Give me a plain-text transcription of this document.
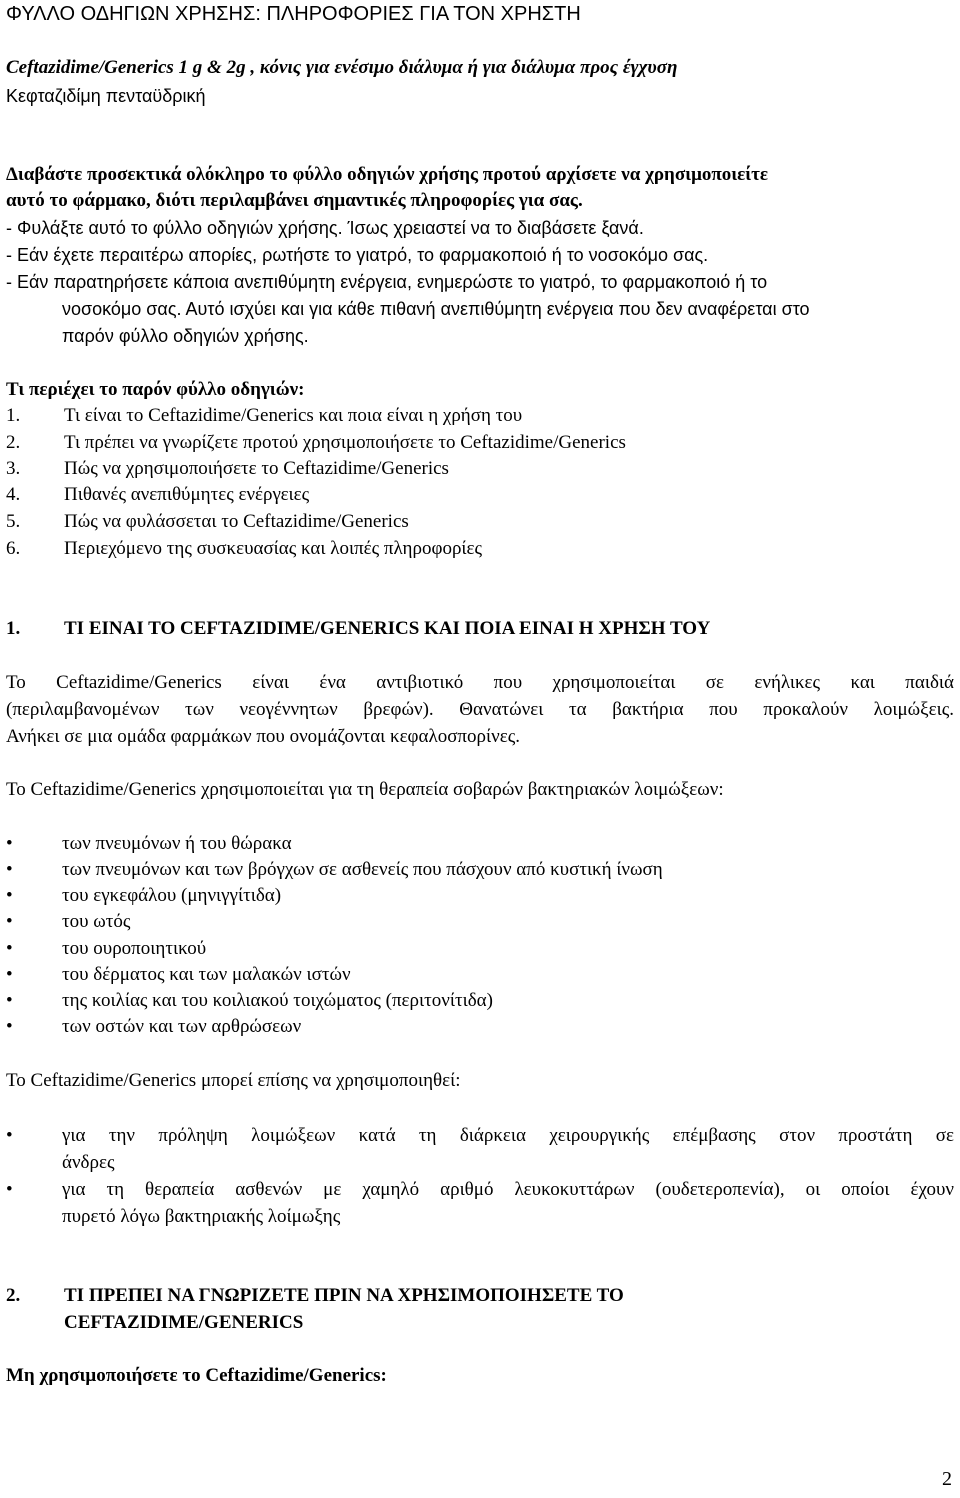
ΦΥΛΛΟ ΟΔΗΓΙΩΝ ΧΡΗΣΗΣ: ΠΛΗΡΟΦΟΡΙΕΣ ΓΙΑ ΤΟΝ ΧΡΗΣΤΗ
Ceftazidime/Generics 1 g & 2g , κόνις για ενέσιμο διάλυμα ή για διάλυμα προς έγχυση
Κεφταζιδίμη πενταϋδρική
Διαβάστε προσεκτικά ολόκληρο το φύλλο οδηγιών χρήσης προτού αρχίσετε να χρησιμοποιείτε
αυτό το φάρμακο, διότι περιλαμβάνει σημαντικές πληροφορίες για σας.
- Φυλάξτε αυτό το φύλλο οδηγιών χρήσης. Ίσως χρειαστεί να το διαβάσετε ξανά.
- Εάν έχετε περαιτέρω απορίες, ρωτήστε το γιατρό, το φαρμακοποιό ή το νοσοκόμο σας.
- Εάν παρατηρήσετε κάποια ανεπιθύμητη ενέργεια, ενημερώστε το γιατρό, το φαρμακοποιό ή το
νοσοκόμο σας. Αυτό ισχύει και για κάθε πιθανή ανεπιθύμητη ενέργεια που δεν αναφέρεται στο
παρόν φύλλο οδηγιών χρήσης.
Τι περιέχει το παρόν φύλλο οδηγιών:
1. Τι είναι το Ceftazidime/Generics και ποια είναι η χρήση του
2. Τι πρέπει να γνωρίζετε προτού χρησιμοποιήσετε το Ceftazidime/Generics
3. Πώς να χρησιμοποιήσετε το Ceftazidime/Generics
4. Πιθανές ανεπιθύμητες ενέργειες
5. Πώς να φυλάσσεται το Ceftazidime/Generics
6. Περιεχόμενο της συσκευασίας και λοιπές πληροφορίες
1. ΤΙ ΕΙΝΑΙ ΤΟ CEFTAZIDIME/GENERICS ΚΑΙ ΠΟΙΑ ΕΙΝΑΙ Η ΧΡΗΣΗ ΤΟΥ
Το Ceftazidime/Generics είναι ένα αντιβιοτικό που χρησιμοποιείται σε ενήλικες και παιδιά
(περιλαμβανομένων των νεογέννητων βρεφών). Θανατώνει τα βακτήρια που προκαλούν λοιμώξεις.
Ανήκει σε μια ομάδα φαρμάκων που ονομάζονται κεφαλοσπορίνες.
Το Ceftazidime/Generics χρησιμοποιείται για τη θεραπεία σοβαρών βακτηριακών λοιμώξεων:
•	των πνευμόνων ή του θώρακα
•	των πνευμόνων και των βρόγχων σε ασθενείς που πάσχουν από κυστική ίνωση
•	του εγκεφάλου (μηνιγγίτιδα)
•	του ωτός
•	του ουροποιητικού
•	του δέρματος και των μαλακών ιστών
•	της κοιλίας και του κοιλιακού τοιχώματος (περιτονίτιδα)
•	των οστών και των αρθρώσεων
Το Ceftazidime/Generics μπορεί επίσης να χρησιμοποιηθεί:
•	για την πρόληψη λοιμώξεων κατά τη διάρκεια χειρουργικής επέμβασης στον προστάτη σε
άνδρες
•	για τη θεραπεία ασθενών με χαμηλό αριθμό λευκοκυττάρων (ουδετεροπενία), οι οποίοι έχουν
πυρετό λόγω βακτηριακής λοίμωξης
2. ΤΙ ΠΡΕΠΕΙ ΝΑ ΓΝΩΡΙΖΕΤΕ ΠΡΙΝ ΝΑ ΧΡΗΣΙΜΟΠΟΙΗΣΕΤΕ ΤΟ
CEFTAZIDIME/GENERICS
Μη χρησιμοποιήσετε το Ceftazidime/Generics:
2
